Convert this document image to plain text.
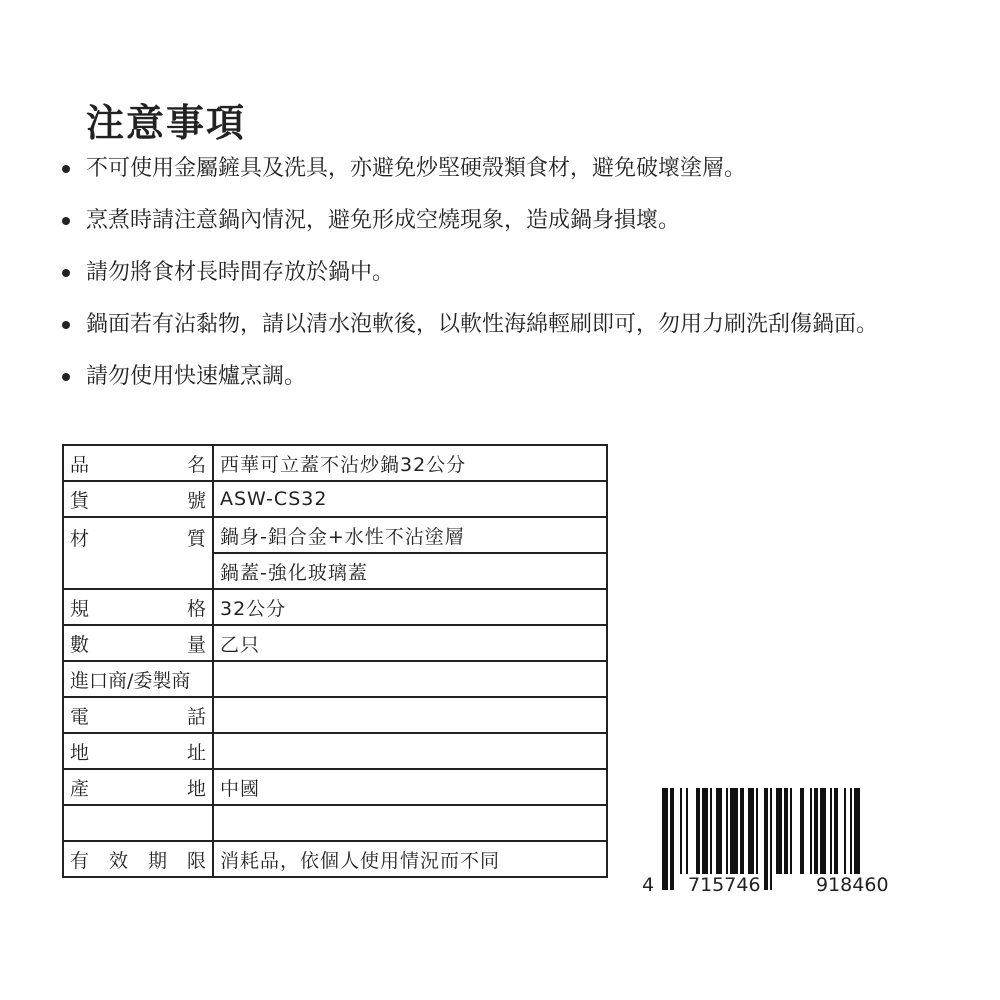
注意事項
不可使用金屬鏟具及洗具，亦避免炒堅硬殼類食材，避免破壞塗層。
烹煮時請注意鍋內情況，避免形成空燒現象，造成鍋身損壞。
請勿將食材長時間存放於鍋中。
鍋面若有沾黏物，請以清水泡軟後，以軟性海綿輕刷即可，勿用力刷洗刮傷鍋面。
請勿使用快速爐烹調。
品 名	西華可立蓋不沾炒鍋32公分

貨 號	ASW-CS32

材 質	鍋身-鋁合金+水性不沾塗層
	鍋蓋-強化玻璃蓋

規 格	32公分

數 量	乙只

進口商/委製商	

電 話	

地 址	

產 地	中國

有 效 期 限	消耗品，依個人使用情況而不同
4 715746	918460
